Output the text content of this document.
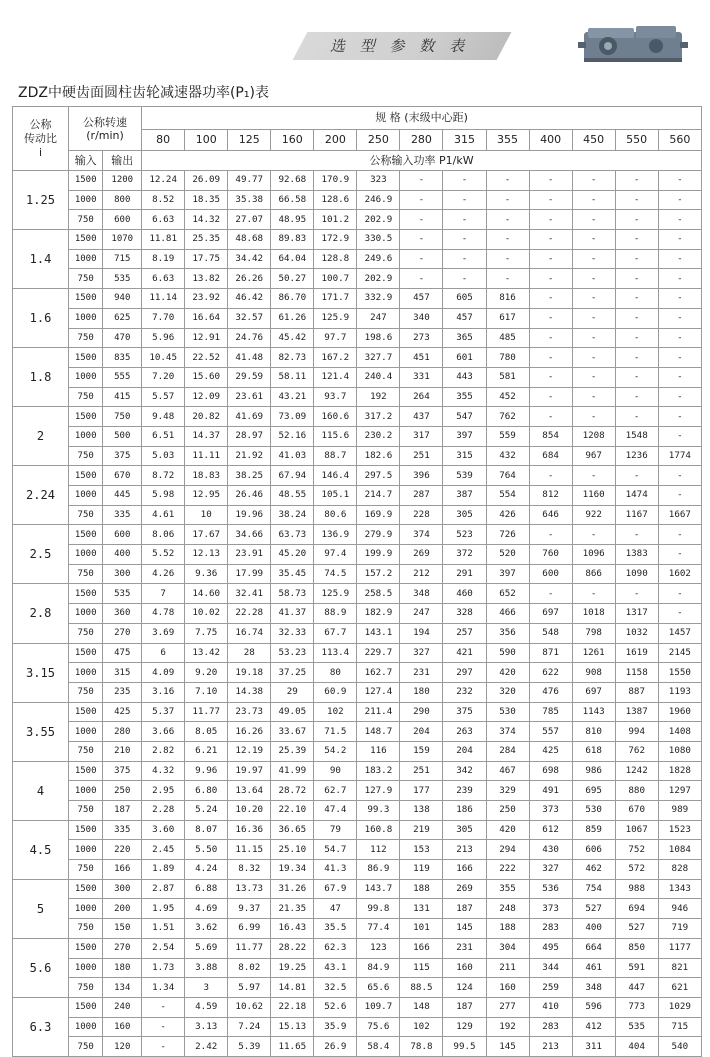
选 型 参 数 表
ZDZ中硬齿面圆柱齿轮减速器功率(P₁)表
公称
传动比
i	公称转速
(r/min)		规 格 (末级中心距)												
			80	100	125	160	200	250	280	315	355	400	450	550	560
	输入	输出	公称输入功率 P1/kW												
1.25	1500	1200	12.24	26.09	49.77	92.68	170.9	323	-	-	-	-	-	-	-
	1000	800	8.52	18.35	35.38	66.58	128.6	246.9	-	-	-	-	-	-	-
	750	600	6.63	14.32	27.07	48.95	101.2	202.9	-	-	-	-	-	-	-
1.4	1500	1070	11.81	25.35	48.68	89.83	172.9	330.5	-	-	-	-	-	-	-
	1000	715	8.19	17.75	34.42	64.04	128.8	249.6	-	-	-	-	-	-	-
	750	535	6.63	13.82	26.26	50.27	100.7	202.9	-	-	-	-	-	-	-
1.6	1500	940	11.14	23.92	46.42	86.70	171.7	332.9	457	605	816	-	-	-	-
	1000	625	7.70	16.64	32.57	61.26	125.9	247	340	457	617	-	-	-	-
	750	470	5.96	12.91	24.76	45.42	97.7	198.6	273	365	485	-	-	-	-
1.8	1500	835	10.45	22.52	41.48	82.73	167.2	327.7	451	601	780	-	-	-	-
	1000	555	7.20	15.60	29.59	58.11	121.4	240.4	331	443	581	-	-	-	-
	750	415	5.57	12.09	23.61	43.21	93.7	192	264	355	452	-	-	-	-
2	1500	750	9.48	20.82	41.69	73.09	160.6	317.2	437	547	762	-	-	-	-
	1000	500	6.51	14.37	28.97	52.16	115.6	230.2	317	397	559	854	1208	1548	-
	750	375	5.03	11.11	21.92	41.03	88.7	182.6	251	315	432	684	967	1236	1774
2.24	1500	670	8.72	18.83	38.25	67.94	146.4	297.5	396	539	764	-	-	-	-
	1000	445	5.98	12.95	26.46	48.55	105.1	214.7	287	387	554	812	1160	1474	-
	750	335	4.61	10	19.96	38.24	80.6	169.9	228	305	426	646	922	1167	1667
2.5	1500	600	8.06	17.67	34.66	63.73	136.9	279.9	374	523	726	-	-	-	-
	1000	400	5.52	12.13	23.91	45.20	97.4	199.9	269	372	520	760	1096	1383	-
	750	300	4.26	9.36	17.99	35.45	74.5	157.2	212	291	397	600	866	1090	1602
2.8	1500	535	7	14.60	32.41	58.73	125.9	258.5	348	460	652	-	-	-	-
	1000	360	4.78	10.02	22.28	41.37	88.9	182.9	247	328	466	697	1018	1317	-
	750	270	3.69	7.75	16.74	32.33	67.7	143.1	194	257	356	548	798	1032	1457
3.15	1500	475	6	13.42	28	53.23	113.4	229.7	327	421	590	871	1261	1619	2145
	1000	315	4.09	9.20	19.18	37.25	80	162.7	231	297	420	622	908	1158	1550
	750	235	3.16	7.10	14.38	29	60.9	127.4	180	232	320	476	697	887	1193
3.55	1500	425	5.37	11.77	23.73	49.05	102	211.4	290	375	530	785	1143	1387	1960
	1000	280	3.66	8.05	16.26	33.67	71.5	148.7	204	263	374	557	810	994	1408
	750	210	2.82	6.21	12.19	25.39	54.2	116	159	204	284	425	618	762	1080
4	1500	375	4.32	9.96	19.97	41.99	90	183.2	251	342	467	698	986	1242	1828
	1000	250	2.95	6.80	13.64	28.72	62.7	127.9	177	239	329	491	695	880	1297
	750	187	2.28	5.24	10.20	22.10	47.4	99.3	138	186	250	373	530	670	989
4.5	1500	335	3.60	8.07	16.36	36.65	79	160.8	219	305	420	612	859	1067	1523
	1000	220	2.45	5.50	11.15	25.10	54.7	112	153	213	294	430	606	752	1084
	750	166	1.89	4.24	8.32	19.34	41.3	86.9	119	166	222	327	462	572	828
5	1500	300	2.87	6.88	13.73	31.26	67.9	143.7	188	269	355	536	754	988	1343
	1000	200	1.95	4.69	9.37	21.35	47	99.8	131	187	248	373	527	694	946
	750	150	1.51	3.62	6.99	16.43	35.5	77.4	101	145	188	283	400	527	719
5.6	1500	270	2.54	5.69	11.77	28.22	62.3	123	166	231	304	495	664	850	1177
	1000	180	1.73	3.88	8.02	19.25	43.1	84.9	115	160	211	344	461	591	821
	750	134	1.34	3	5.97	14.81	32.5	65.6	88.5	124	160	259	348	447	621
6.3	1500	240	-	4.59	10.62	22.18	52.6	109.7	148	187	277	410	596	773	1029
	1000	160	-	3.13	7.24	15.13	35.9	75.6	102	129	192	283	412	535	715
	750	120	-	2.42	5.39	11.65	26.9	58.4	78.8	99.5	145	213	311	404	540
